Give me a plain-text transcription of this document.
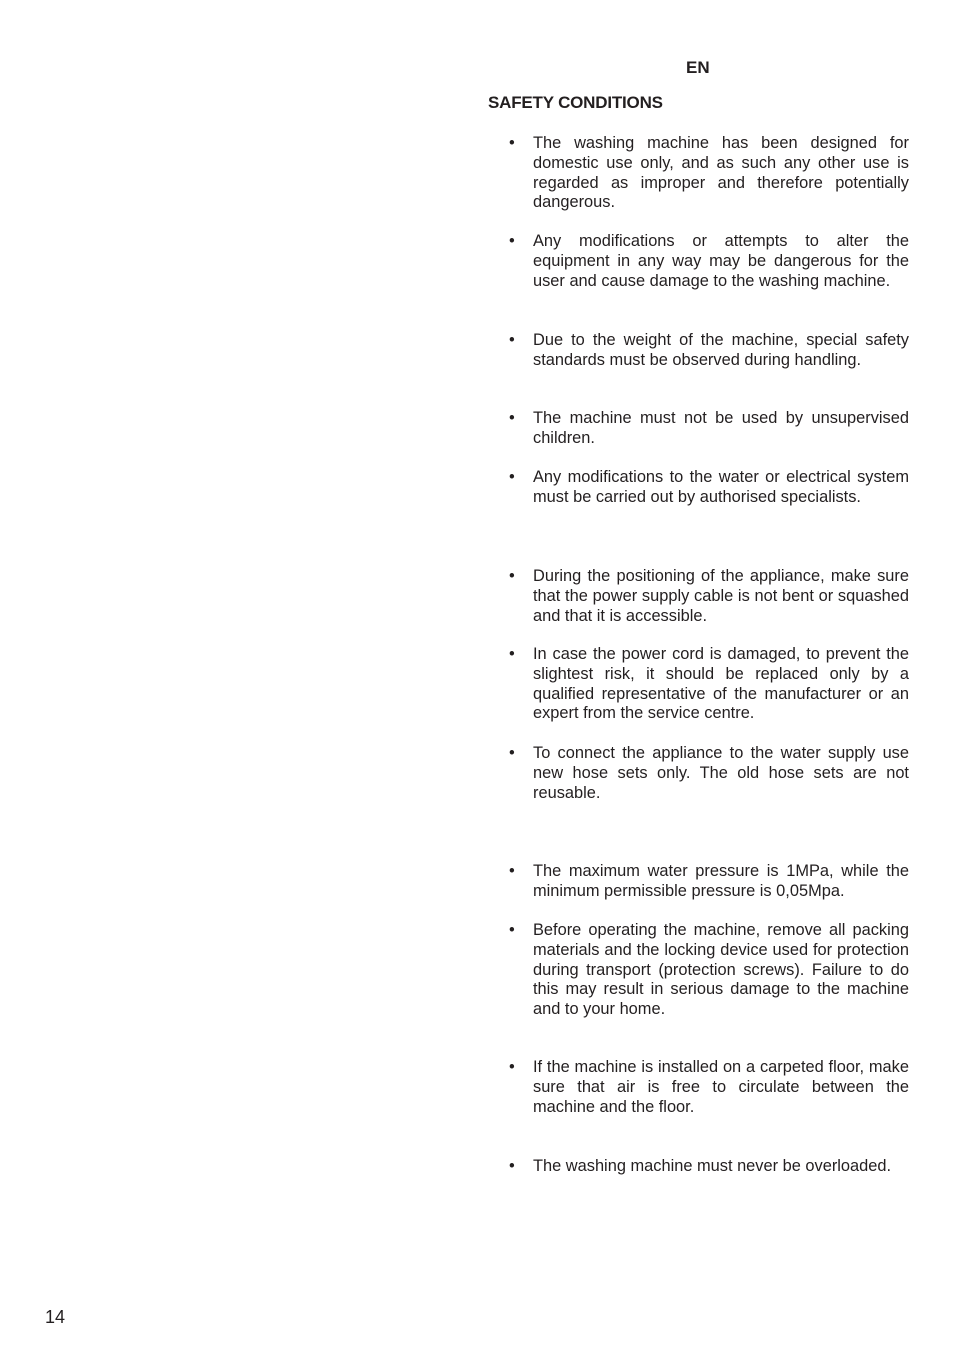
EN
SAFETY CONDITIONS
•	The washing machine has been designed for domestic use only, and as such any other use is regarded as improper and therefore potentially dangerous.
•	Any modifications or attempts to alter the equipment in any way may be dangerous for the user and cause damage to the washing machine.
•	Due to the weight of the machine, special safety standards must be observed during handling.
•	The machine must not be used by unsupervised children.
•	Any modifications to the water or electrical system must be carried out by authorised specialists.
•	During the positioning of the appliance, make sure that the power supply cable is not bent or squashed and that it is accessible.
•	In case the power cord is damaged, to prevent the slightest risk, it should be replaced only by a qualified representative of the manufacturer or an expert from the service centre.
•	To connect the appliance to the water supply use new hose sets only. The old hose sets are not reusable.
•	The maximum water pressure is 1MPa, while the minimum permissible pressure is 0,05Mpa.
•	Before operating the machine, remove all packing materials and the locking device used for protection during transport (protection screws). Failure to do this may result in serious damage to the machine and to your home.
•	If the machine is installed on a carpeted floor, make sure that air is free to circulate between the machine and the floor.
•	The washing machine must never be overloaded.
14
